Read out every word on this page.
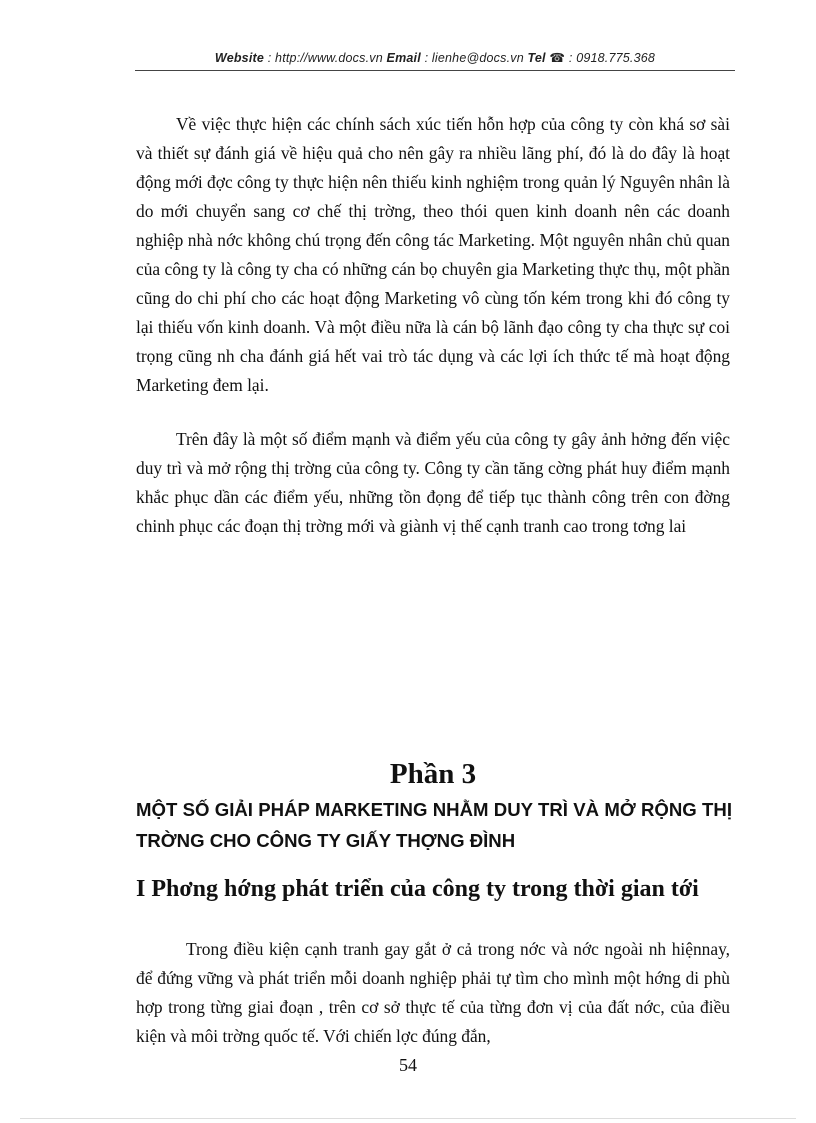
Website : http://www.docs.vn Email : lienhe@docs.vn Tel ☎ : 0918.775.368

Về việc thực hiện các chính sách xúc tiến hỗn hợp của công ty còn khá sơ sài và thiết sự đánh giá về hiệu quả cho nên gây ra nhiều lãng phí, đó là do đây là hoạt động mới đợc công ty thực hiện nên thiếu kinh nghiệm trong quản lý Nguyên nhân là do mới chuyển sang cơ chế thị trờng, theo thói quen kinh doanh nên các doanh nghiệp nhà nớc không chú trọng đến công tác Marketing. Một nguyên nhân chủ quan của công ty là công ty cha có những cán bọ chuyên gia Marketing thực thụ, một phần cũng do chi phí cho các hoạt động Marketing vô cùng tốn kém trong khi đó công ty lại thiếu vốn kinh doanh. Và một điều nữa là cán bộ lãnh đạo công ty cha thực sự coi trọng cũng nh cha đánh giá hết vai trò tác dụng và các lợi ích thức tế mà hoạt động Marketing đem lại.

Trên đây là một số điểm mạnh và điểm yếu của công ty gây ảnh hởng đến việc duy trì và mở rộng thị trờng của công ty. Công ty cần tăng cờng phát huy điểm mạnh khắc phục dần các điểm yếu, những tồn đọng để tiếp tục thành công trên con đờng chinh phục các đoạn thị trờng mới và giành vị thế cạnh tranh cao trong tơng lai

Phần 3
MỘT SỐ GIẢI PHÁP MARKETING NHẰM DUY TRÌ VÀ MỞ RỘNG THỊ TRỜNG CHO CÔNG TY GIẤY THỢNG ĐÌNH
I Phơng hớng phát triển của công ty trong thời gian tới

Trong điều kiện cạnh tranh gay gắt ở cả trong nớc và nớc ngoài nh hiệnnay, để đứng vững và phát triển mỗi doanh nghiệp phải tự tìm cho mình một hớng di phù hợp trong từng giai đoạn , trên cơ sở thực tế của từng đơn vị của đất nớc, của điều kiện và môi trờng quốc tế. Với chiến lợc đúng đắn,

54
